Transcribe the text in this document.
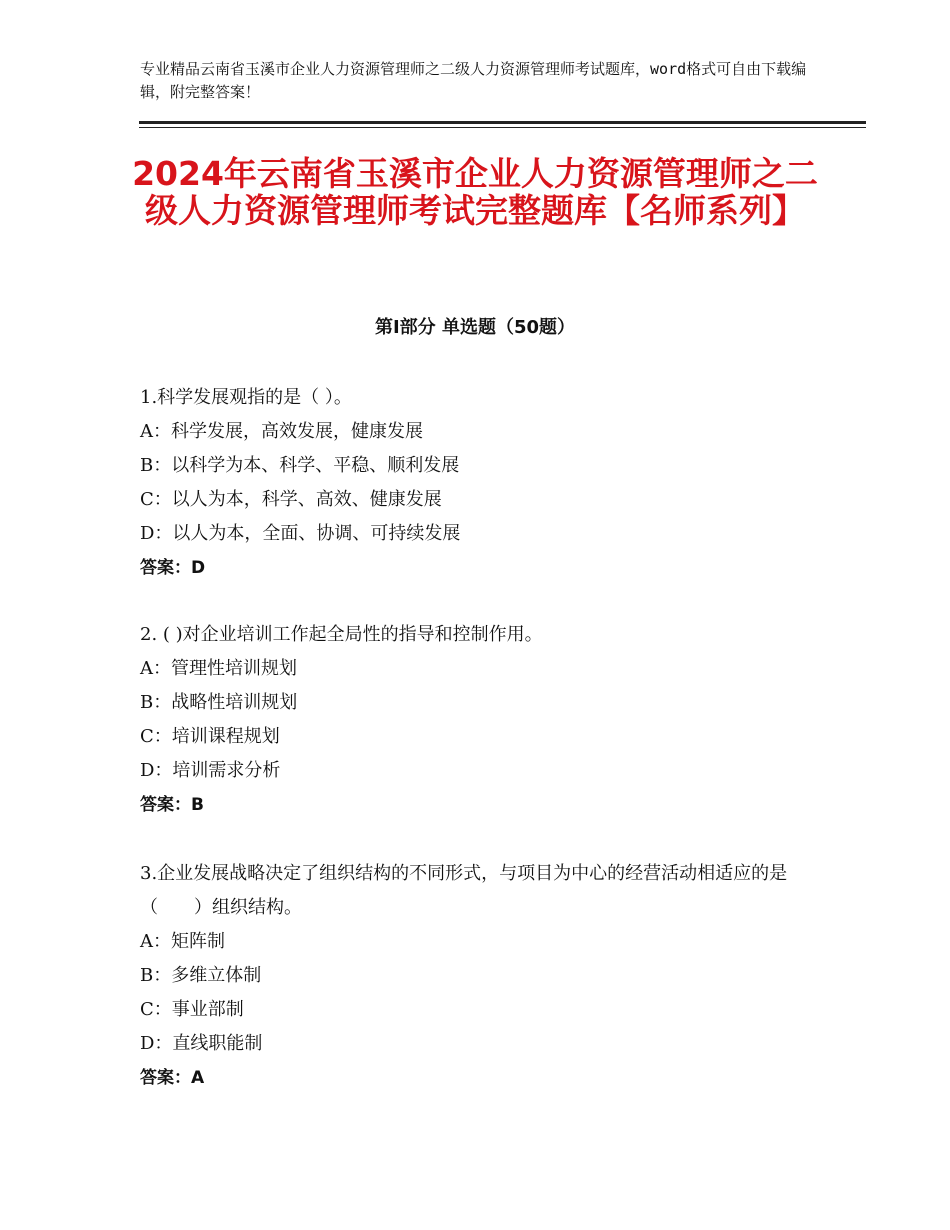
专业精品云南省玉溪市企业人力资源管理师之二级人力资源管理师考试题库，word格式可自由下载编辑，附完整答案！
2024年云南省玉溪市企业人力资源管理师之二级人力资源管理师考试完整题库【名师系列】
第Ⅰ部分 单选题（50题）
1.科学发展观指的是（ ）。
A：科学发展，高效发展，健康发展
B：以科学为本、科学、平稳、顺利发展
C：以人为本，科学、高效、健康发展
D：以人为本，全面、协调、可持续发展
答案：D
2. ( )对企业培训工作起全局性的指导和控制作用。
A：管理性培训规划
B：战略性培训规划
C：培训课程规划
D：培训需求分析
答案：B
3.企业发展战略决定了组织结构的不同形式，与项目为中心的经营活动相适应的是（　　）组织结构。
A：矩阵制
B：多维立体制
C：事业部制
D：直线职能制
答案：A
